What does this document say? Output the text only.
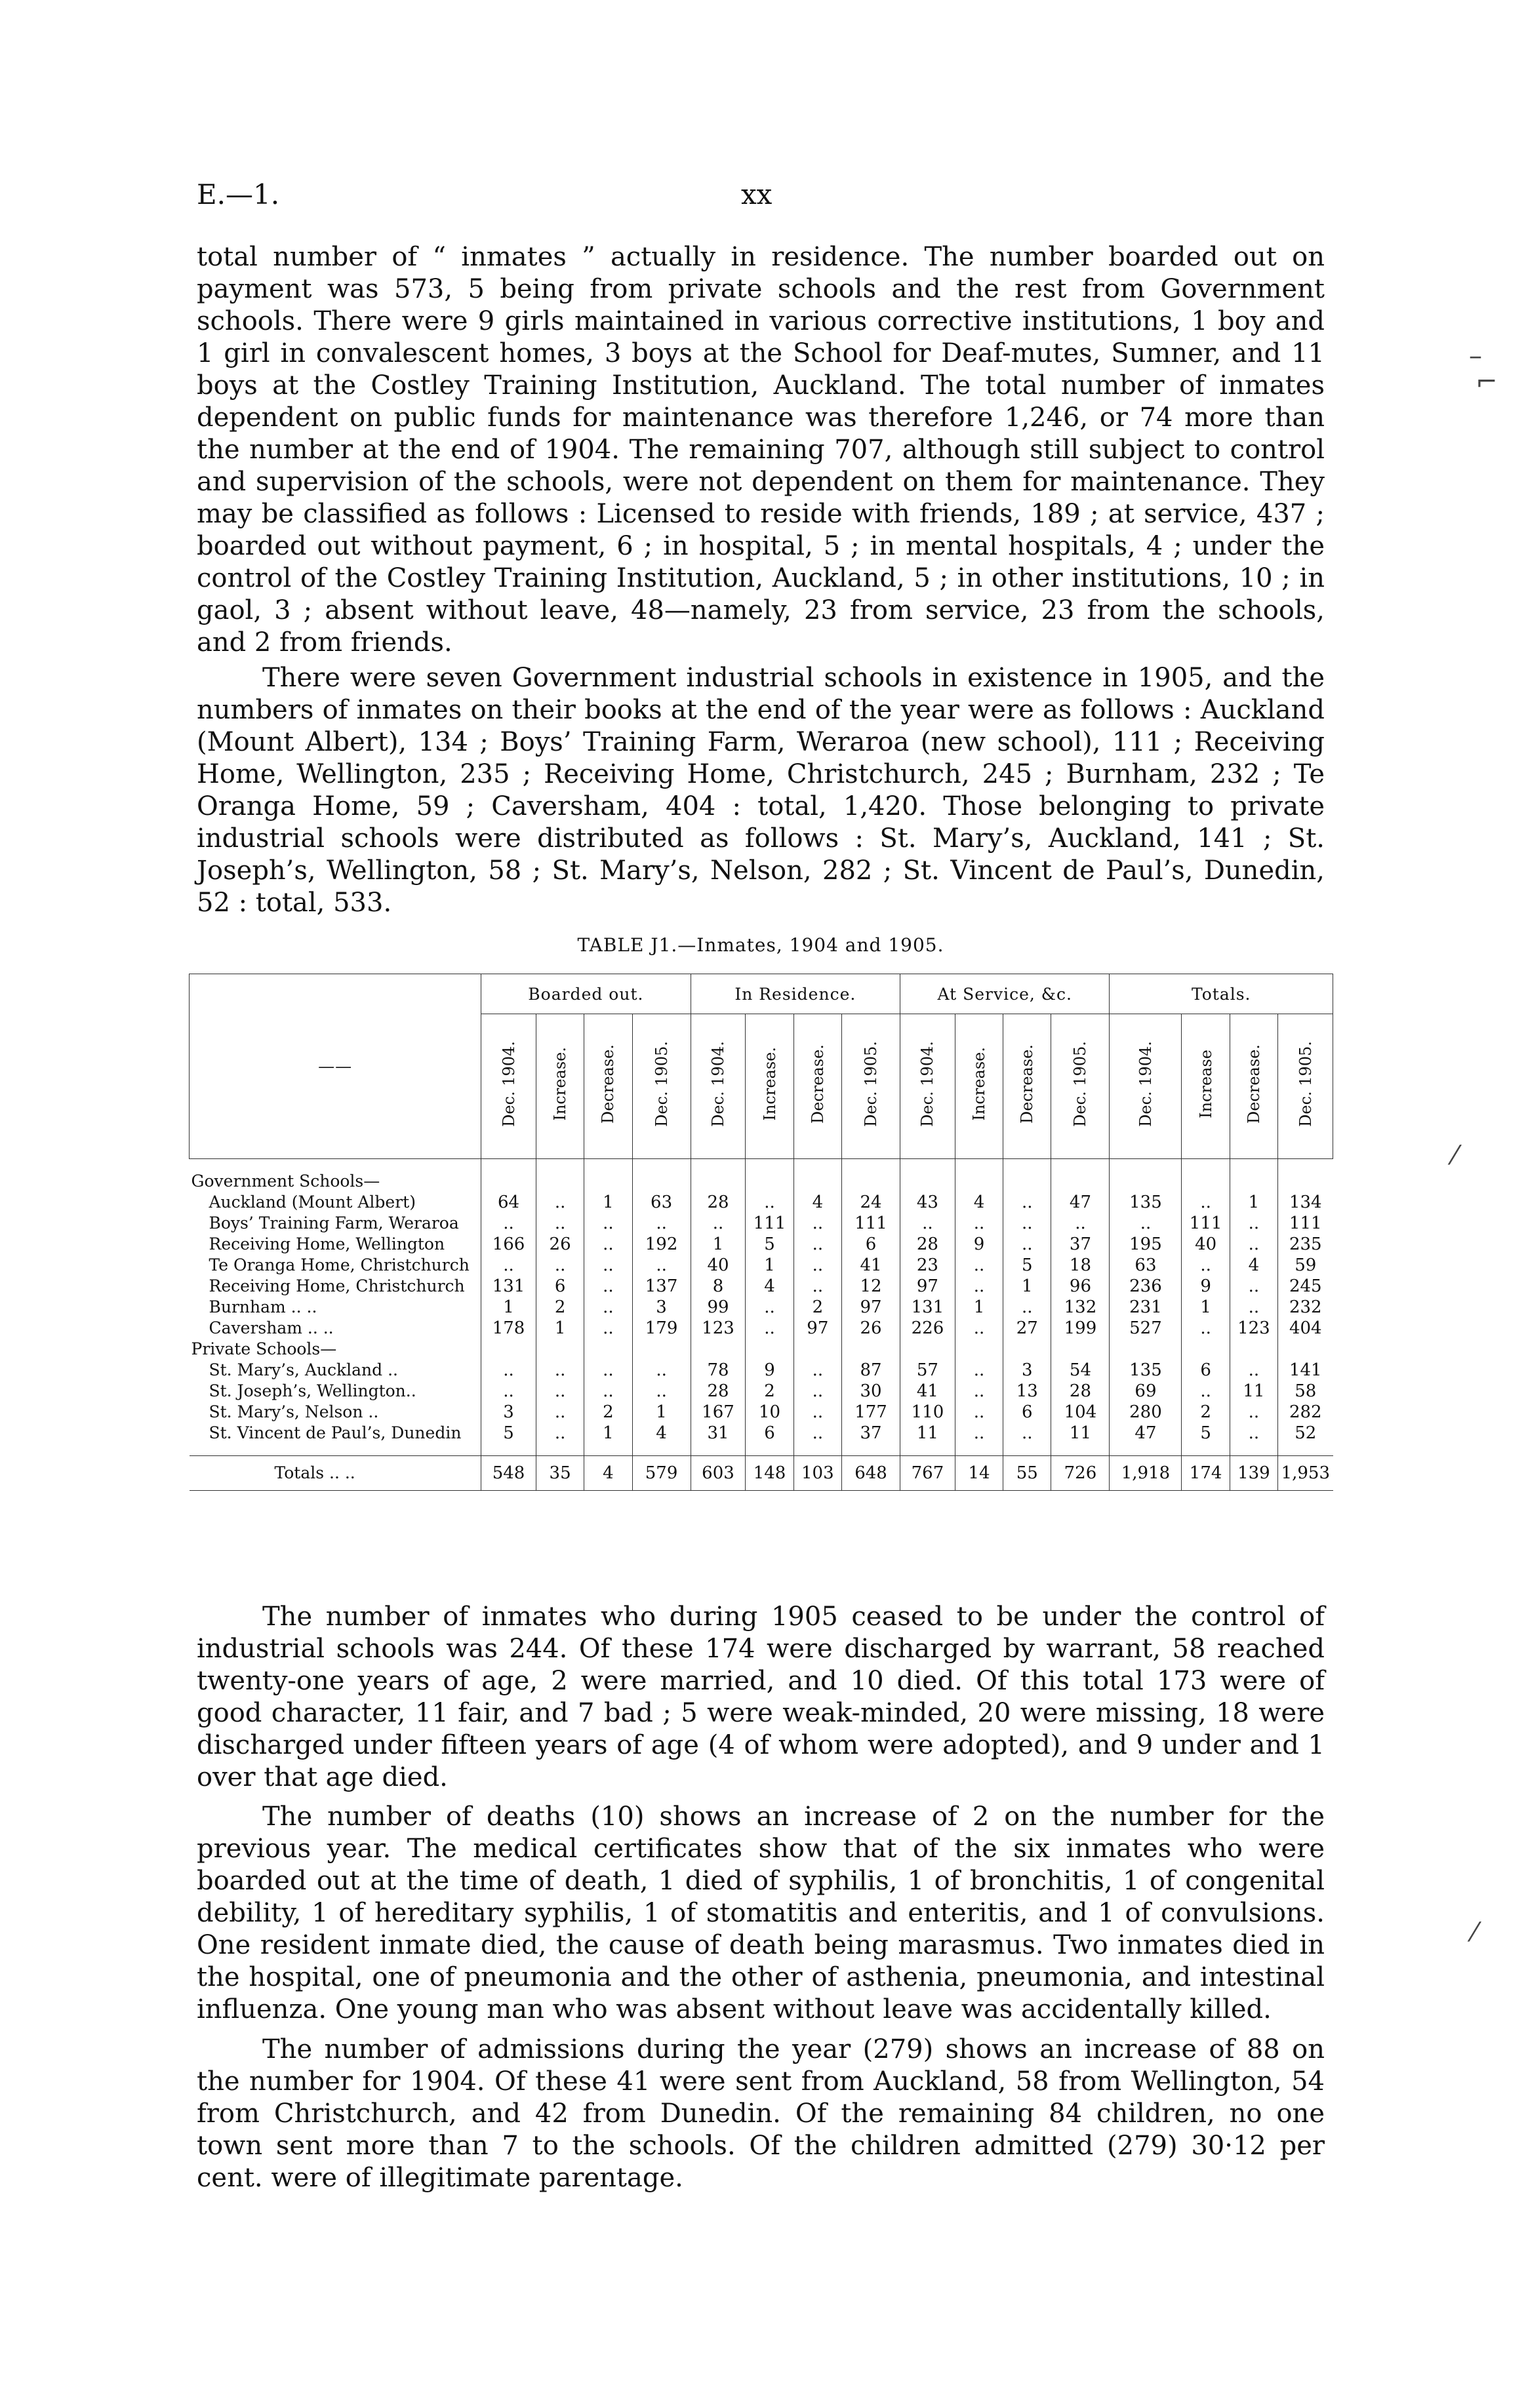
E.—1.	xx

total number of “ inmates ” actually in residence. The number boarded out on payment was 573, 5 being from private schools and the rest from Government schools. There were 9 girls maintained in various corrective institutions, 1 boy and 1 girl in convalescent homes, 3 boys at the School for Deaf-mutes, Sumner, and 11 boys at the Costley Training Institution, Auckland. The total number of inmates dependent on public funds for maintenance was therefore 1,246, or 74 more than the number at the end of 1904. The remaining 707, although still subject to control and supervision of the schools, were not dependent on them for maintenance. They may be classified as follows : Licensed to reside with friends, 189 ; at service, 437 ; boarded out without payment, 6 ; in hospital, 5 ; in mental hospitals, 4 ; under the control of the Costley Training Institution, Auckland, 5 ; in other institutions, 10 ; in gaol, 3 ; absent without leave, 48—namely, 23 from service, 23 from the schools, and 2 from friends.

There were seven Government industrial schools in existence in 1905, and the numbers of inmates on their books at the end of the year were as follows : Auckland (Mount Albert), 134 ; Boys’ Training Farm, Weraroa (new school), 111 ; Receiving Home, Wellington, 235 ; Receiving Home, Christchurch, 245 ; Burnham, 232 ; Te Oranga Home, 59 ; Caversham, 404 : total, 1,420. Those belonging to private industrial schools were distributed as follows : St. Mary’s, Auckland, 141 ; St. Joseph’s, Wellington, 58 ; St. Mary’s, Nelson, 282 ; St. Vincent de Paul’s, Dunedin, 52 : total, 533.

TABLE J1.—Inmates, 1904 and 1905.
——	Boarded out.				In Residence.				At Service, &c.				Totals.			
	Dec. 1904.	Increase.	Decrease.	Dec. 1905.	Dec. 1904.	Increase.	Decrease.	Dec. 1905.	Dec. 1904.	Increase.	Decrease.	Dec. 1905.	Dec. 1904.	Increase	Decrease.	Dec. 1905.

Government Schools—																
Auckland (Mount Albert)	64	..	1	63	28	..	4	24	43	4	..	47	135	..	1	134
Boys’ Training Farm, Weraroa	..	..	..	..	..	111	..	111	..	..	..	..	..	111	..	111
Receiving Home, Wellington	166	26	..	192	1	5	..	6	28	9	..	37	195	40	..	235
Te Oranga Home, Christchurch	..	..	..	..	40	1	..	41	23	..	5	18	63	..	4	59
Receiving Home, Christchurch	131	6	..	137	8	4	..	12	97	..	1	96	236	9	..	245
Burnham .. ..	1	2	..	3	99	..	2	97	131	1	..	132	231	1	..	232
Caversham .. ..	178	1	..	179	123	..	97	26	226	..	27	199	527	..	123	404
Private Schools—																
St. Mary’s, Auckland ..	..	..	..	..	78	9	..	87	57	..	3	54	135	6	..	141
St. Joseph’s, Wellington..	..	..	..	..	28	2	..	30	41	..	13	28	69	..	11	58
St. Mary’s, Nelson ..	3	..	2	1	167	10	..	177	110	..	6	104	280	2	..	282
St. Vincent de Paul’s, Dunedin	5	..	1	4	31	6	..	37	11	..	..	11	47	5	..	52

Totals .. ..	548	35	4	579	603	148	103	648	767	14	55	726	1,918	174	139	1,953

The number of inmates who during 1905 ceased to be under the control of industrial schools was 244. Of these 174 were discharged by warrant, 58 reached twenty-one years of age, 2 were married, and 10 died. Of this total 173 were of good character, 11 fair, and 7 bad ; 5 were weak-minded, 20 were missing, 18 were discharged under fifteen years of age (4 of whom were adopted), and 9 under and 1 over that age died.

The number of deaths (10) shows an increase of 2 on the number for the previous year. The medical certificates show that of the six inmates who were boarded out at the time of death, 1 died of syphilis, 1 of bronchitis, 1 of congenital debility, 1 of hereditary syphilis, 1 of stomatitis and enteritis, and 1 of convulsions. One resident inmate died, the cause of death being marasmus. Two inmates died in the hospital, one of pneumonia and the other of asthenia, pneumonia, and intestinal influenza. One young man who was absent without leave was accidentally killed.

The number of admissions during the year (279) shows an increase of 88 on the number for 1904. Of these 41 were sent from Auckland, 58 from Wellington, 54 from Christchurch, and 42 from Dunedin. Of the remaining 84 children, no one town sent more than 7 to the schools. Of the children admitted (279) 30·12 per cent. were of illegitimate parentage.

–
⌐
⁄
⁄
